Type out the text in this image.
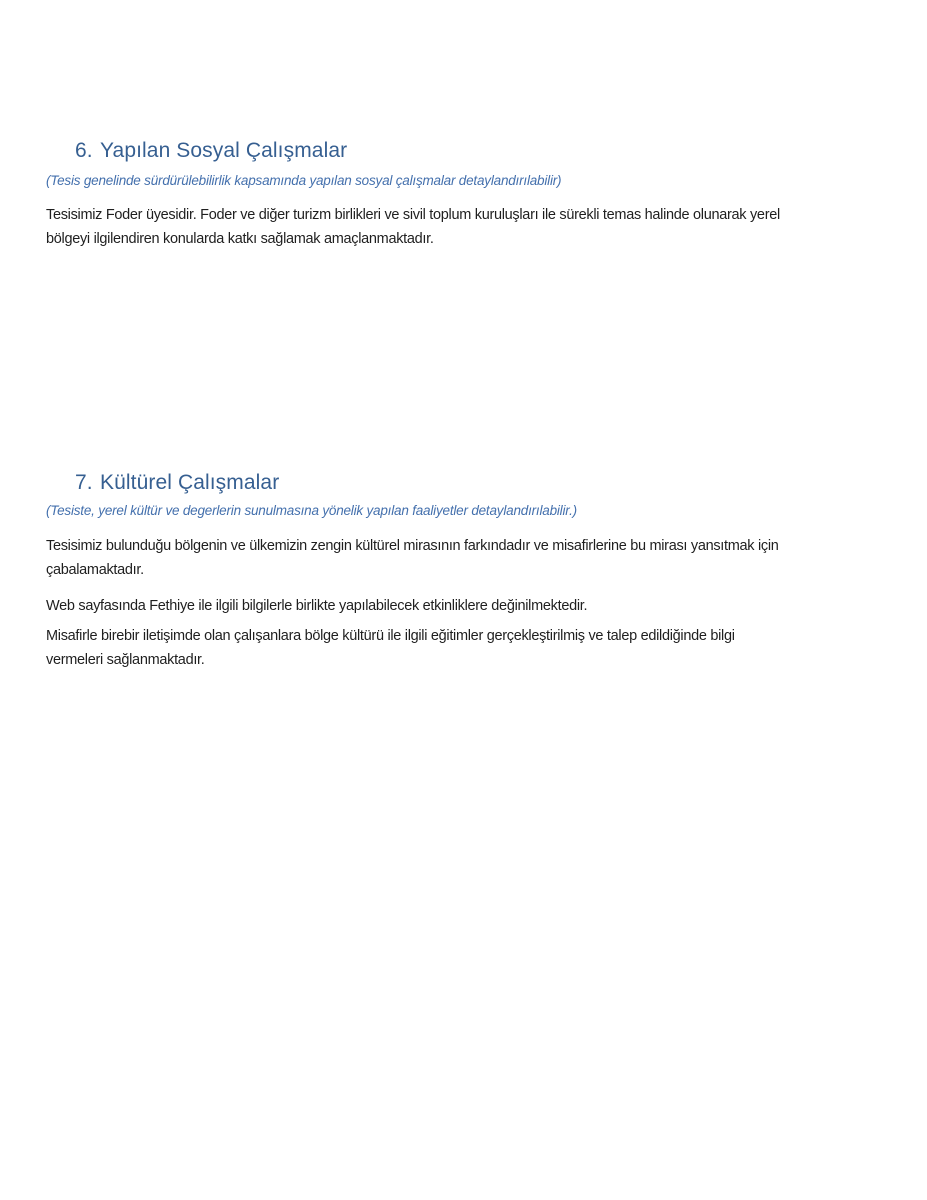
6. Yapılan Sosyal Çalışmalar
(Tesis genelinde sürdürülebilirlik kapsamında yapılan sosyal çalışmalar detaylandırılabilir)
Tesisimiz Foder üyesidir. Foder ve diğer turizm birlikleri ve sivil toplum kuruluşları ile sürekli temas halinde olunarak yerel
bölgeyi ilgilendiren konularda katkı sağlamak amaçlanmaktadır.
7. Kültürel Çalışmalar
(Tesiste, yerel kültür ve degerlerin sunulmasına yönelik yapılan faaliyetler detaylandırılabilir.)
Tesisimiz bulunduğu bölgenin ve ülkemizin zengin kültürel mirasının farkındadır ve misafirlerine bu mirası yansıtmak için
çabalamaktadır.
Web sayfasında Fethiye ile ilgili bilgilerle birlikte yapılabilecek etkinliklere değinilmektedir.
Misafirle birebir iletişimde olan çalışanlara bölge kültürü ile ilgili eğitimler gerçekleştirilmiş ve talep edildiğinde bilgi
vermeleri sağlanmaktadır.
